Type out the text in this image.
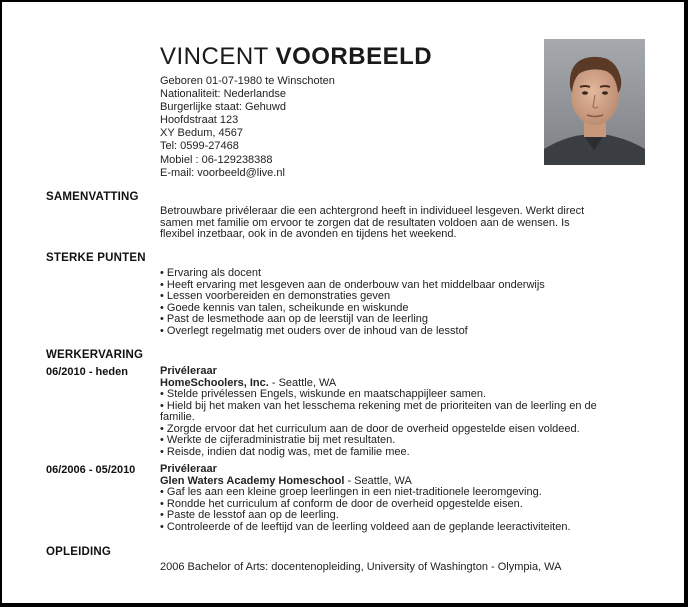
VINCENT VOORBEELD
Geboren 01-07-1980 te Winschoten
Nationaliteit: Nederlandse
Burgerlijke staat: Gehuwd
Hoofdstraat 123
XY Bedum, 4567
Tel: 0599-27468
Mobiel : 06-129238388
E-mail: voorbeeld@live.nl
SAMENVATTING
Betrouwbare privéleraar die een achtergrond heeft in individueel lesgeven. Werkt direct
samen met familie om ervoor te zorgen dat de resultaten voldoen aan de wensen. Is
flexibel inzetbaar, ook in de avonden en tijdens het weekend.
STERKE PUNTEN
• Ervaring als docent
• Heeft ervaring met lesgeven aan de onderbouw van het middelbaar onderwijs
• Lessen voorbereiden en demonstraties geven
• Goede kennis van talen, scheikunde en wiskunde
• Past de lesmethode aan op de leerstijl van de leerling
• Overlegt regelmatig met ouders over de inhoud van de lesstof
WERKERVARING
06/2010 - heden	Privéleraar
HomeSchoolers, Inc. - Seattle, WA
• Stelde privélessen Engels, wiskunde en maatschappijleer samen.
• Hield bij het maken van het lesschema rekening met de prioriteiten van de leerling en de
familie.
• Zorgde ervoor dat het curriculum aan de door de overheid opgestelde eisen voldeed.
• Werkte de cijferadministratie bij met resultaten.
• Reisde, indien dat nodig was, met de familie mee.
06/2006 - 05/2010 Privéleraar
Glen Waters Academy Homeschool - Seattle, WA
• Gaf les aan een kleine groep leerlingen in een niet-traditionele leeromgeving.
• Rondde het curriculum af conform de door de overheid opgestelde eisen.
• Paste de lesstof aan op de leerling.
• Controleerde of de leeftijd van de leerling voldeed aan de geplande leeractiviteiten.
OPLEIDING
2006 Bachelor of Arts: docentenopleiding, University of Washington - Olympia, WA
